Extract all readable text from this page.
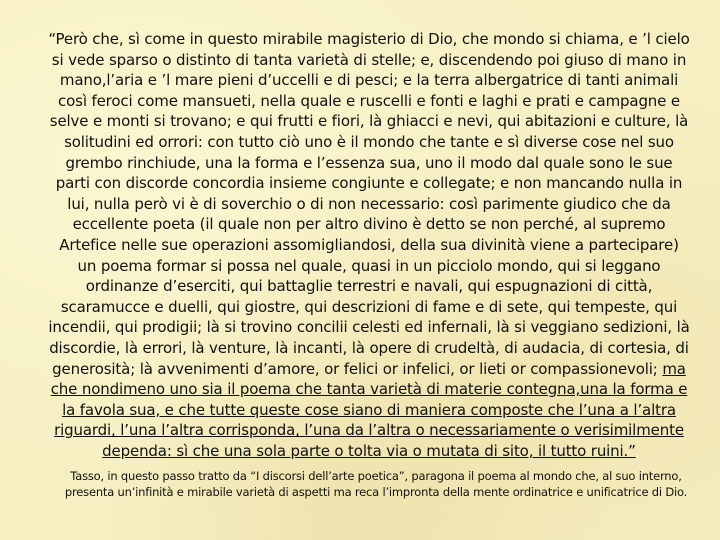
“Però che, sì come in questo mirabile magisterio di Dio, che mondo si chiama, e ’l cielo si vede sparso o distinto di tanta varietà di stelle; e, discendendo poi giuso di mano in mano,l’aria e ’l mare pieni d’uccelli e di pesci; e la terra albergatrice di tanti animali così feroci come mansueti, nella quale e ruscelli e fonti e laghi e prati e campagne e selve e monti si trovano; e qui frutti e fiori, là ghiacci e nevi, qui abitazioni e culture, là solitudini ed orrori: con tutto ciò uno è il mondo che tante e sì diverse cose nel suo grembo rinchiude, una la forma e l’essenza sua, uno il modo dal quale sono le sue parti con discorde concordia insieme congiunte e collegate; e non mancando nulla in lui, nulla però vi è di soverchio o di non necessario: così parimente giudico che da eccellente poeta (il quale non per altro divino è detto se non perché, al supremo Artefice nelle sue operazioni assomigliandosi, della sua divinità viene a partecipare) un poema formar si possa nel quale, quasi in un picciolo mondo, qui si leggano ordinanze d’eserciti, qui battaglie terrestri e navali, qui espugnazioni di città, scaramucce e duelli, qui giostre, qui descrizioni di fame e di sete, qui tempeste, qui incendii, qui prodigii; là si trovino concilii celesti ed infernali, là si veggiano sedizioni, là discordie, là errori, là venture, là incanti, là opere di crudeltà, di audacia, di cortesia, di generosità; là avvenimenti d’amore, or felici or infelici, or lieti or compassionevoli; ma che nondimeno uno sia il poema che tanta varietà di materie contegna,una la forma e la favola sua, e che tutte queste cose siano di maniera composte che l’una a l’altra riguardi, l’una l’altra corrisponda, l’una da l’altra o necessariamente o verisimilmente dependa: sì che una sola parte o tolta via o mutata di sito, il tutto ruini.”

Tasso, in questo passo tratto da “I discorsi dell’arte poetica”, paragona il poema al mondo che, al suo interno, presenta un’infinità e mirabile varietà di aspetti ma reca l’impronta della mente ordinatrice e unificatrice di Dio.
